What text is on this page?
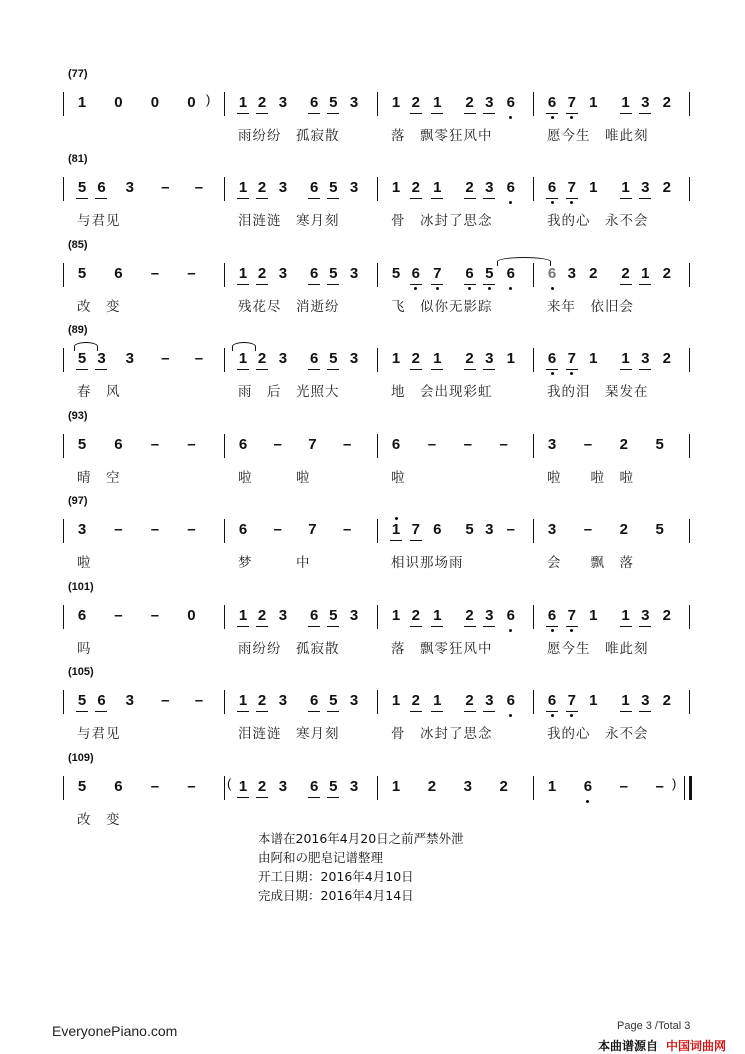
(77)
1	0	0	0	1 2 3	6 5 3
雨纷纷　孤寂散
1 2 1	2 3 6
落　飘零狂风中
6 7 1	1 3 2
愿今生　唯此刻
)
(81)
5 6	3	–	–
与君见
1 2 3	6 5 3
泪涟涟　寒月刻
1 2 1	2 3 6
骨　冰封了思念
6 7 1	1 3 2
我的心　永不会
(85)
5	6	–	–
改　变
1 2 3	6 5 3
残花尽　消逝纷
5 6 7	6 5 6
飞　似你无影踪
6 3 2	2 1 2
来年　依旧会
(89)
5 3	3	–	–
春　风
1 2 3	6 5 3
雨　后　光照大
1 2 1	2 3 1
地　会出现彩虹
6 7 1	1 3 2
我的泪　琹发在
(93)
5	6	–	–
晴　空
6	–	7	–
啦　　　啦
6	–	–	–
啦
3	–	2	5
啦　　啦　啦
(97)
3	–	–	–
啦
6	–	7	–
梦　　　中
1 7 6	5 3 –
相识那场雨
3	–	2	5
会　　飘　落
(101)
6	–	–	0
吗
1 2 3	6 5 3
雨纷纷　孤寂散
1 2 1	2 3 6
落　飘零狂风中
6 7 1	1 3 2
愿今生　唯此刻
(105)
5 6	3	–	–
与君见
1 2 3	6 5 3
泪涟涟　寒月刻
1 2 1	2 3 6
骨　冰封了思念
6 7 1	1 3 2
我的心　永不会
(109)
5	6	–	–
改　变
1 2 3	6 5 3	1	2	3	2	1	6	–	–
(	)
本谱在2016年4月20日之前严禁外泄
由阿和の肥皂记谱整理
开工日期：2016年4月10日
完成日期：2016年4月14日
EveryonePiano.com	Page 3 /Total 3
本曲谱源自 中国词曲网
